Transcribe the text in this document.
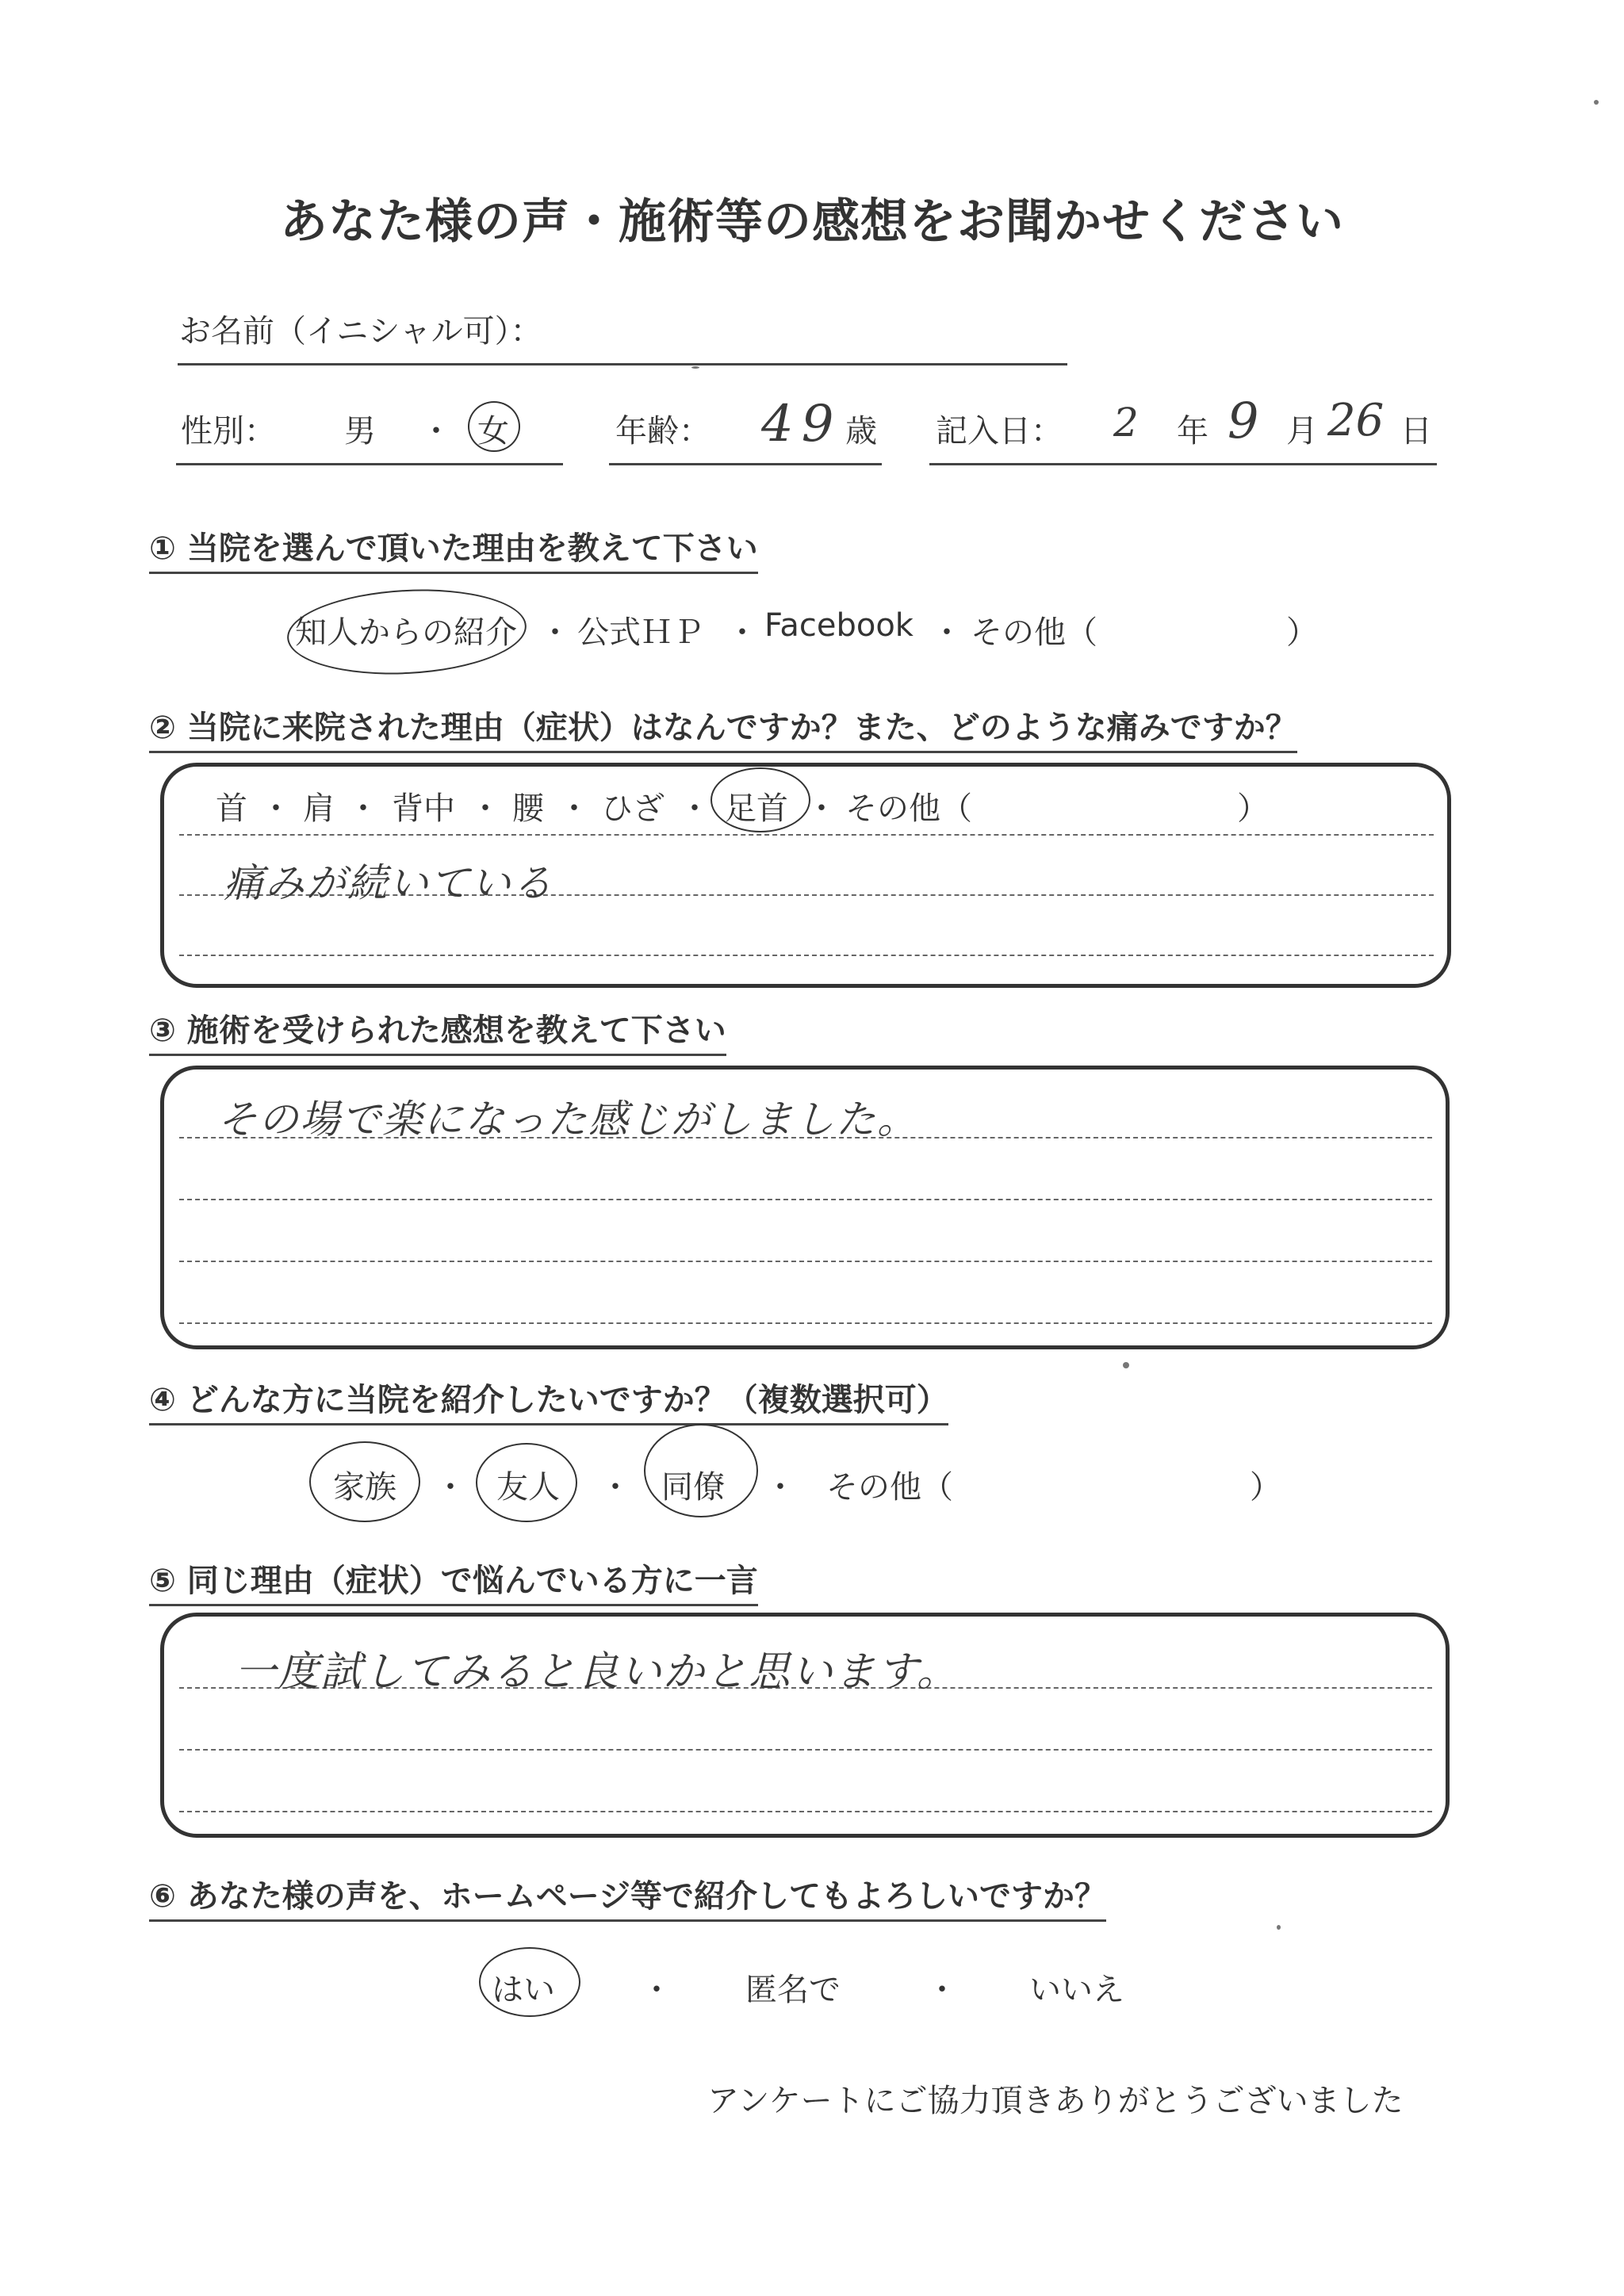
あなた様の声・施術等の感想をお聞かせください
お名前（イニシャル可）：
性別： 男 ・ 女	年齢： 49 歳 記入日： 2 年 9 月 26 日
① 当院を選んで頂いた理由を教えて下さい
知人からの紹介 ・ 公式ＨＰ ・ Facebook ・ その他（	）
② 当院に来院された理由（症状）はなんですか？また、どのような痛みですか？
首 ・ 肩 ・ 背中 ・ 腰 ・ ひざ ・ 足首 ・ その他（	）
痛みが続いている
③ 施術を受けられた感想を教えて下さい
その場で楽になった感じがしました。
④ どんな方に当院を紹介したいですか？（複数選択可）
家族 ・ 友人 ・ 同僚 ・ その他（	）
⑤ 同じ理由（症状）で悩んでいる方に一言
一度試してみると良いかと思います。
⑥ あなた様の声を、ホームページ等で紹介してもよろしいですか？
はい	・ 匿名で	・ いいえ
アンケートにご協力頂きありがとうございました
